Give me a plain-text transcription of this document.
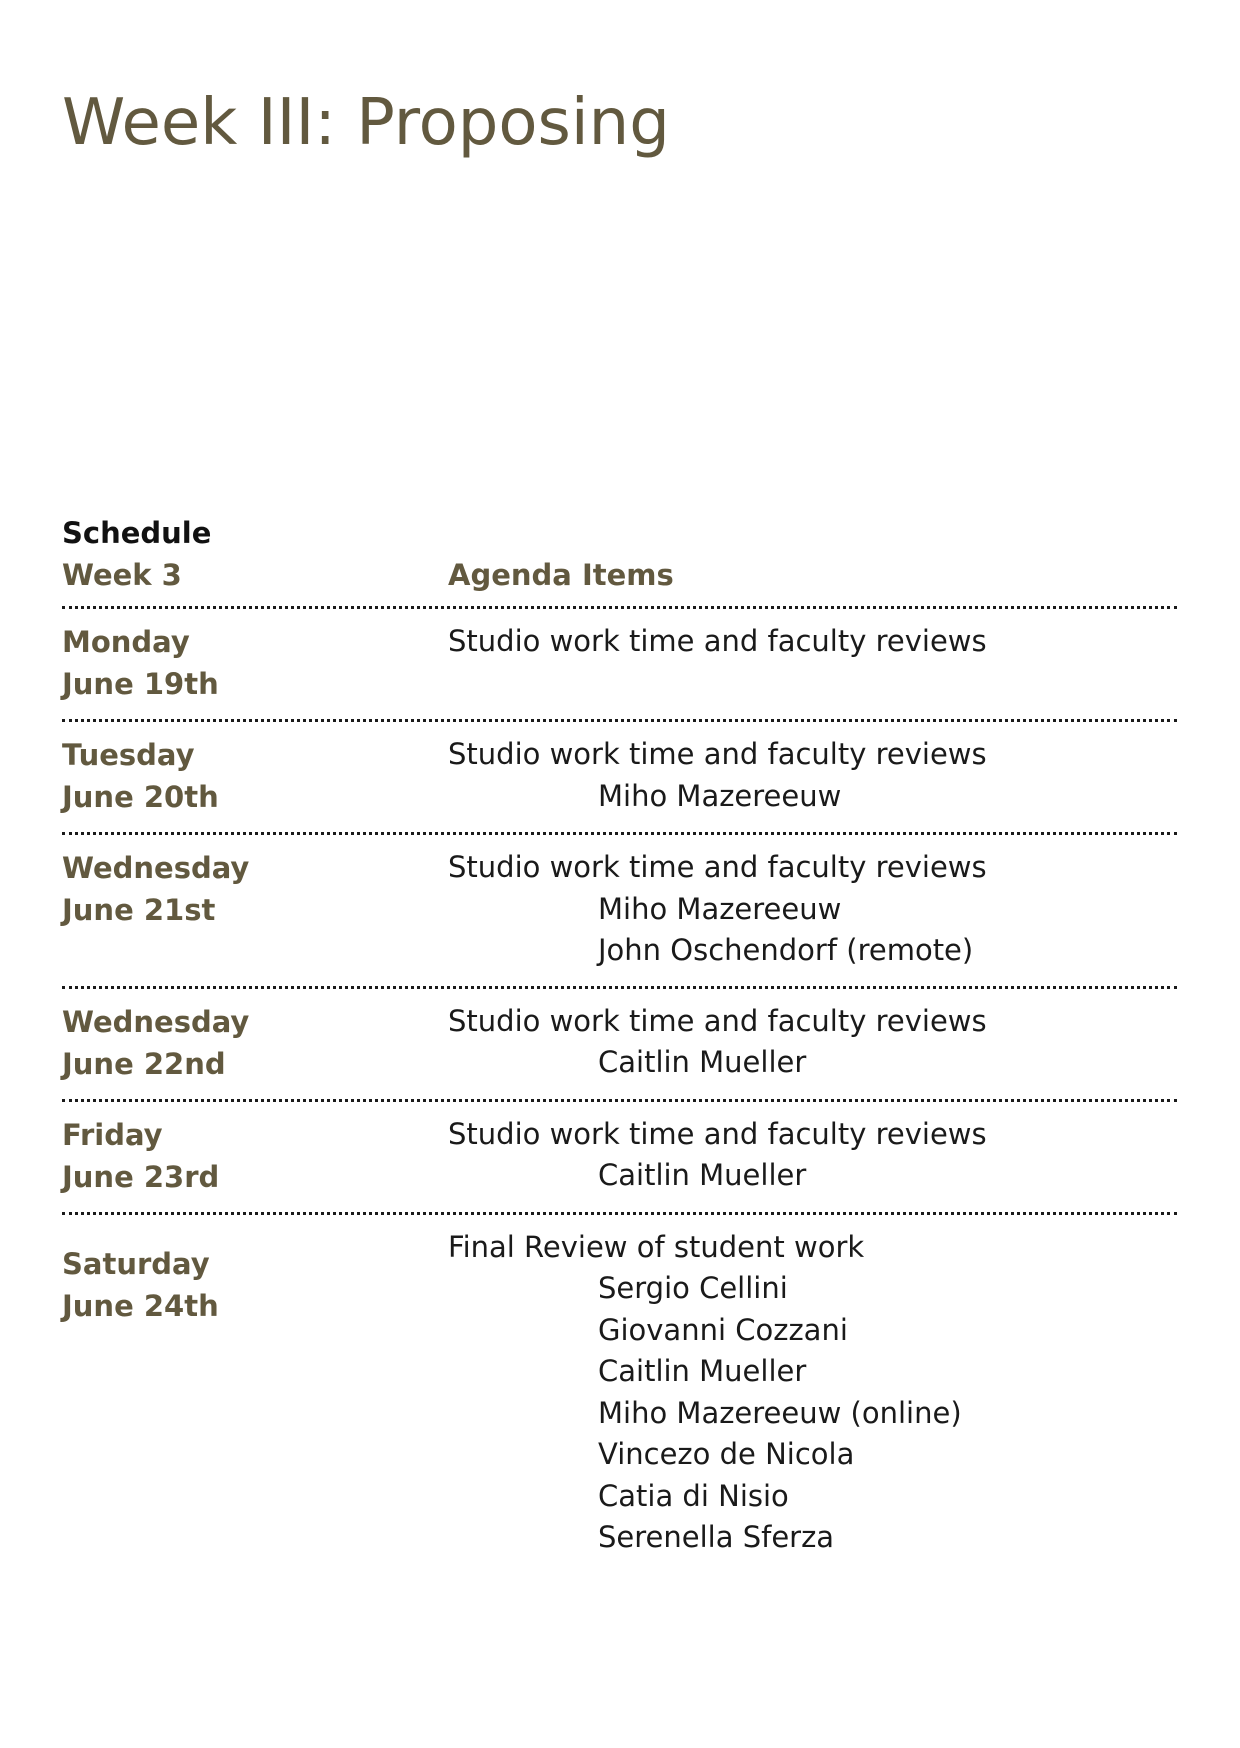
Week III: Proposing
Schedule
Week 3	Agenda Items
Monday
June 19th
Studio work time and faculty reviews
Tuesday
June 20th
Studio work time and faculty reviews
Miho Mazereeuw
Wednesday
June 21st
Studio work time and faculty reviews
Miho Mazereeuw
John Oschendorf (remote)
Wednesday
June 22nd
Studio work time and faculty reviews
Caitlin Mueller
Friday
June 23rd
Studio work time and faculty reviews
Caitlin Mueller
Saturday
June 24th
Final Review of student work
Sergio Cellini
Giovanni Cozzani
Caitlin Mueller
Miho Mazereeuw (online)
Vincezo de Nicola
Catia di Nisio
Serenella Sferza
